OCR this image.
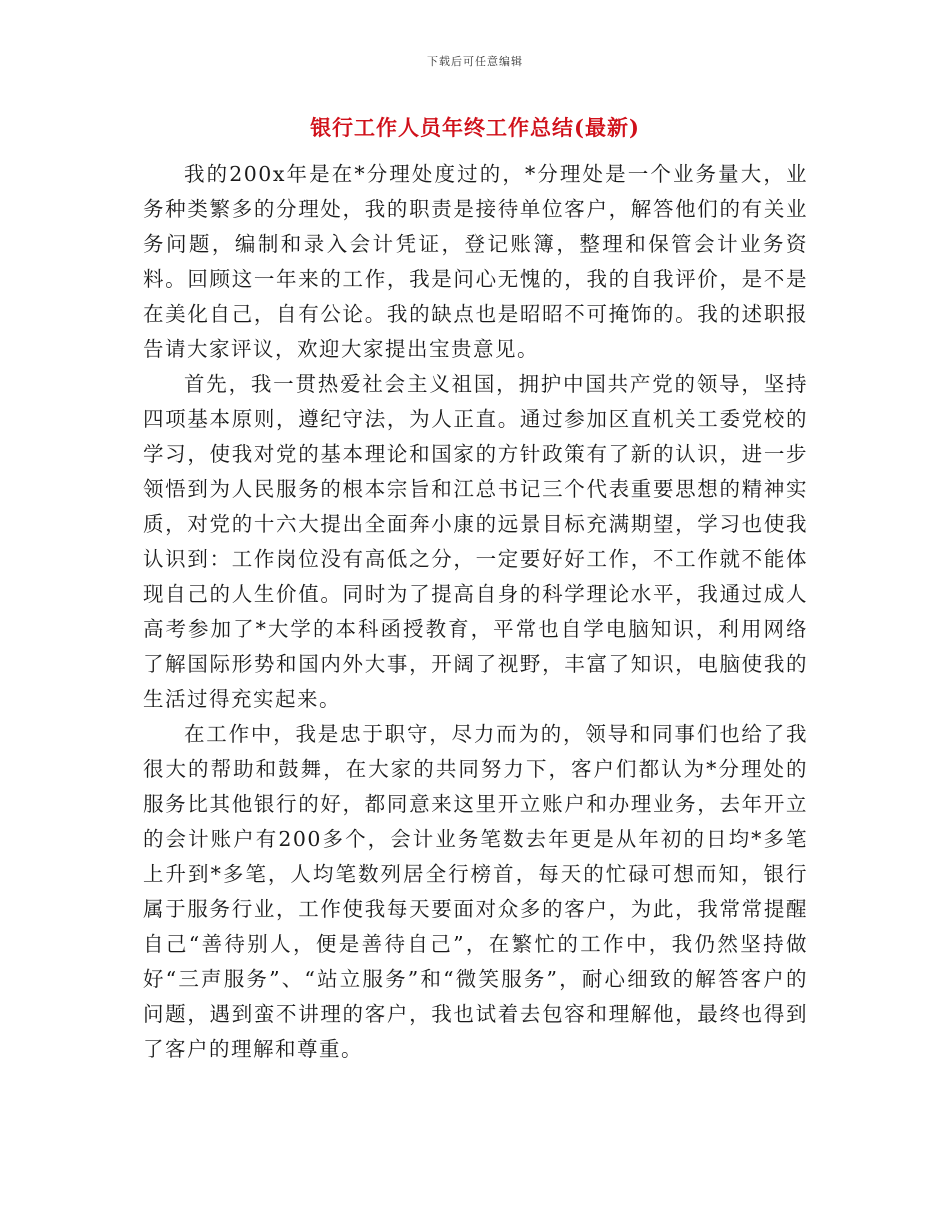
下载后可任意编辑
银行工作人员年终工作总结(最新)

我的200x年是在*分理处度过的，*分理处是一个业务量大，业务种类繁多的分理处，我的职责是接待单位客户，解答他们的有关业务问题，编制和录入会计凭证，登记账簿，整理和保管会计业务资料。回顾这一年来的工作，我是问心无愧的，我的自我评价，是不是在美化自己，自有公论。我的缺点也是昭昭不可掩饰的。我的述职报告请大家评议，欢迎大家提出宝贵意见。

首先，我一贯热爱社会主义祖国，拥护中国共产党的领导，坚持四项基本原则，遵纪守法，为人正直。通过参加区直机关工委党校的学习，使我对党的基本理论和国家的方针政策有了新的认识，进一步领悟到为人民服务的根本宗旨和江总书记三个代表重要思想的精神实质，对党的十六大提出全面奔小康的远景目标充满期望，学习也使我认识到：工作岗位没有高低之分，一定要好好工作，不工作就不能体现自己的人生价值。同时为了提高自身的科学理论水平，我通过成人高考参加了*大学的本科函授教育，平常也自学电脑知识，利用网络了解国际形势和国内外大事，开阔了视野，丰富了知识，电脑使我的生活过得充实起来。

在工作中，我是忠于职守，尽力而为的，领导和同事们也给了我很大的帮助和鼓舞，在大家的共同努力下，客户们都认为*分理处的服务比其他银行的好，都同意来这里开立账户和办理业务，去年开立的会计账户有200多个，会计业务笔数去年更是从年初的日均*多笔上升到*多笔，人均笔数列居全行榜首，每天的忙碌可想而知，银行属于服务行业，工作使我每天要面对众多的客户，为此，我常常提醒自己“善待别人，便是善待自己”，在繁忙的工作中，我仍然坚持做好“三声服务”、“站立服务”和“微笑服务”，耐心细致的解答客户的问题，遇到蛮不讲理的客户，我也试着去包容和理解他，最终也得到了客户的理解和尊重。
